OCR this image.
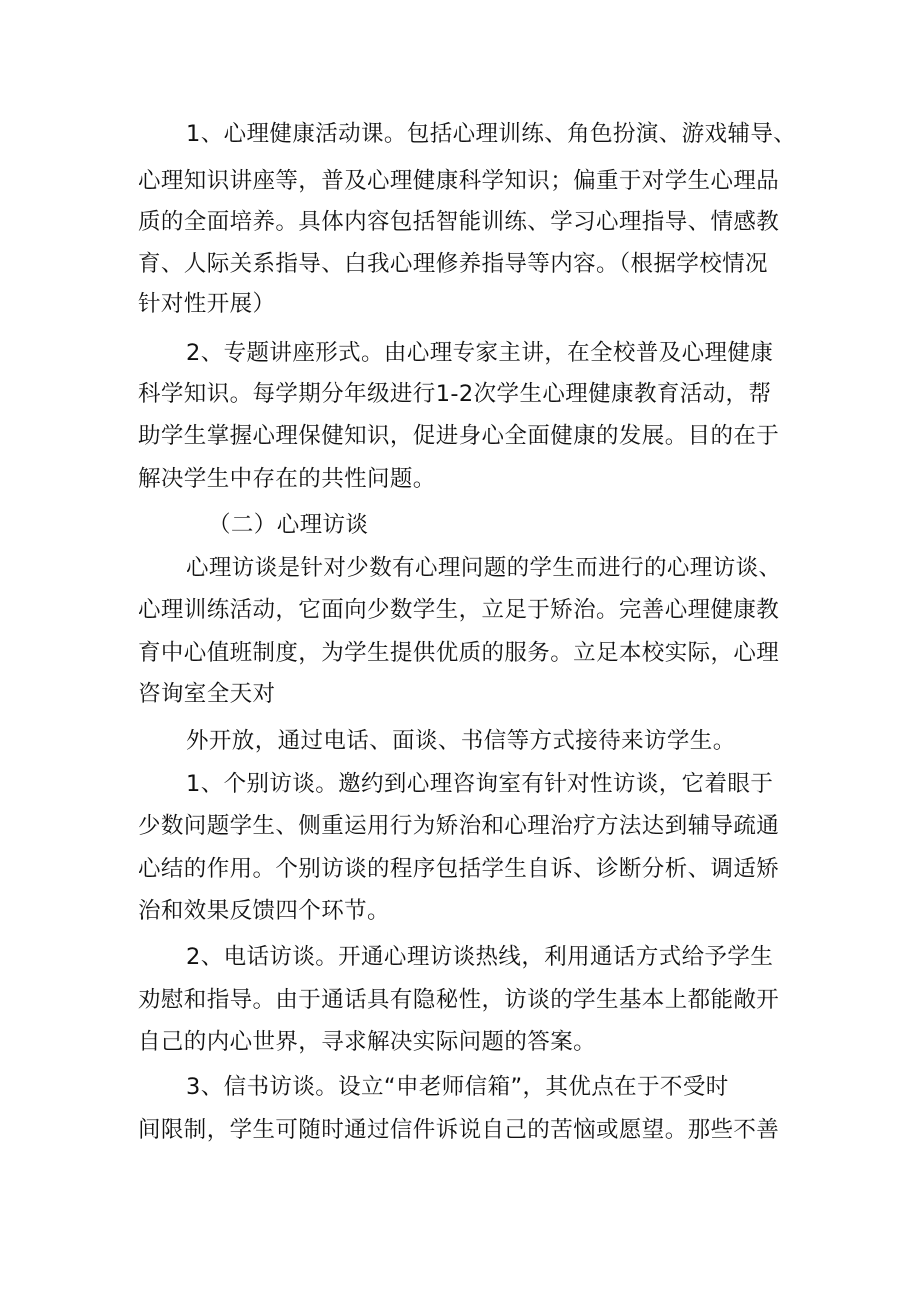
1、心理健康活动课。包括心理训练、角色扮演、游戏辅导、
心理知识讲座等，普及心理健康科学知识；偏重于对学生心理品
质的全面培养。具体内容包括智能训练、学习心理指导、情感教
育、人际关系指导、白我心理修养指导等内容。（根据学校情况
针对性开展）
2、专题讲座形式。由心理专家主讲，在全校普及心理健康
科学知识。每学期分年级进行1-2次学生心理健康教育活动，帮
助学生掌握心理保健知识，促进身心全面健康的发展。目的在于
解决学生中存在的共性问题。
（二）心理访谈
心理访谈是针对少数有心理问题的学生而进行的心理访谈、
心理训练活动，它面向少数学生，立足于矫治。完善心理健康教
育中心值班制度，为学生提供优质的服务。立足本校实际，心理
咨询室全天对
外开放，通过电话、面谈、书信等方式接待来访学生。
1、个别访谈。邀约到心理咨询室有针对性访谈，它着眼于
少数问题学生、侧重运用行为矫治和心理治疗方法达到辅导疏通
心结的作用。个别访谈的程序包括学生自诉、诊断分析、调适矫
治和效果反馈四个环节。
2、电话访谈。开通心理访谈热线，利用通话方式给予学生
劝慰和指导。由于通话具有隐秘性，访谈的学生基本上都能敞开
自己的内心世界，寻求解决实际问题的答案。
3、信书访谈。设立“申老师信箱”，其优点在于不受时
间限制，学生可随时通过信件诉说自己的苦恼或愿望。那些不善
